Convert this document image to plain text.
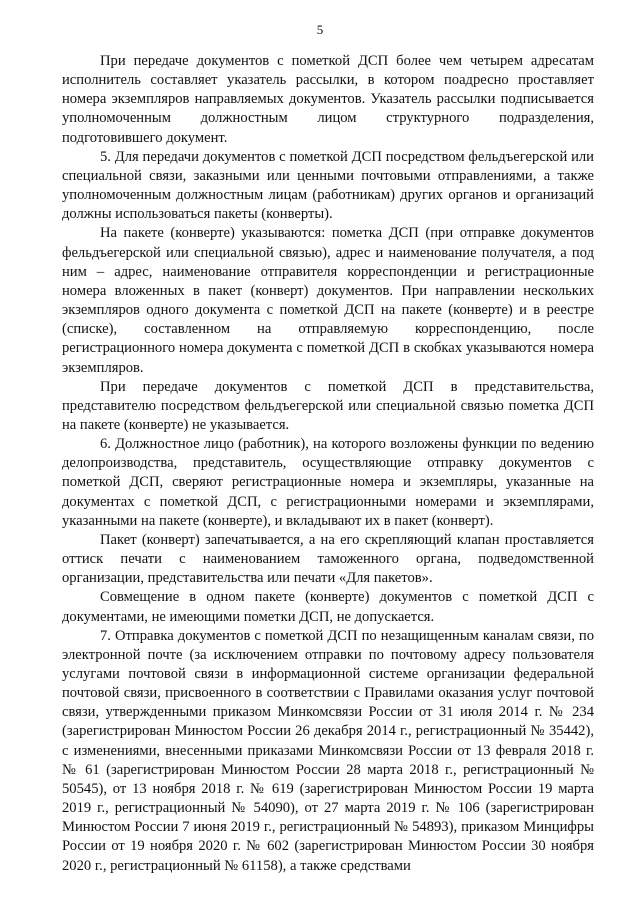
5

При передаче документов с пометкой ДСП более чем четырем адресатам исполнитель составляет указатель рассылки, в котором поадресно проставляет номера экземпляров направляемых документов. Указатель рассылки подписывается уполномоченным должностным лицом структурного подразделения, подготовившего документ.

5. Для передачи документов с пометкой ДСП посредством фельдъегерской или специальной связи, заказными или ценными почтовыми отправлениями, а также уполномоченным должностным лицам (работникам) других органов и организаций должны использоваться пакеты (конверты).

На пакете (конверте) указываются: пометка ДСП (при отправке документов фельдъегерской или специальной связью), адрес и наименование получателя, а под ним – адрес, наименование отправителя корреспонденции и регистрационные номера вложенных в пакет (конверт) документов. При направлении нескольких экземпляров одного документа с пометкой ДСП на пакете (конверте) и в реестре (списке), составленном на отправляемую корреспонденцию, после регистрационного номера документа с пометкой ДСП в скобках указываются номера экземпляров.

При передаче документов с пометкой ДСП в представительства, представителю посредством фельдъегерской или специальной связью пометка ДСП на пакете (конверте) не указывается.

6. Должностное лицо (работник), на которого возложены функции по ведению делопроизводства, представитель, осуществляющие отправку документов с пометкой ДСП, сверяют регистрационные номера и экземпляры, указанные на документах с пометкой ДСП, с регистрационными номерами и экземплярами, указанными на пакете (конверте), и вкладывают их в пакет (конверт).

Пакет (конверт) запечатывается, а на его скрепляющий клапан проставляется оттиск печати с наименованием таможенного органа, подведомственной организации, представительства или печати «Для пакетов».

Совмещение в одном пакете (конверте) документов с пометкой ДСП с документами, не имеющими пометки ДСП, не допускается.

7. Отправка документов с пометкой ДСП по незащищенным каналам связи, по электронной почте (за исключением отправки по почтовому адресу пользователя услугами почтовой связи в информационной системе организации федеральной почтовой связи, присвоенного в соответствии с Правилами оказания услуг почтовой связи, утвержденными приказом Минкомсвязи России от 31 июля 2014 г. № 234 (зарегистрирован Минюстом России 26 декабря 2014 г., регистрационный № 35442), с изменениями, внесенными приказами Минкомсвязи России от 13 февраля 2018 г. № 61 (зарегистрирован Минюстом России 28 марта 2018 г., регистрационный № 50545), от 13 ноября 2018 г. № 619 (зарегистрирован Минюстом России 19 марта 2019 г., регистрационный № 54090), от 27 марта 2019 г. № 106 (зарегистрирован Минюстом России 7 июня 2019 г., регистрационный № 54893), приказом Минцифры России от 19 ноября 2020 г. № 602 (зарегистрирован Минюстом России 30 ноября 2020 г., регистрационный № 61158), а также средствами
